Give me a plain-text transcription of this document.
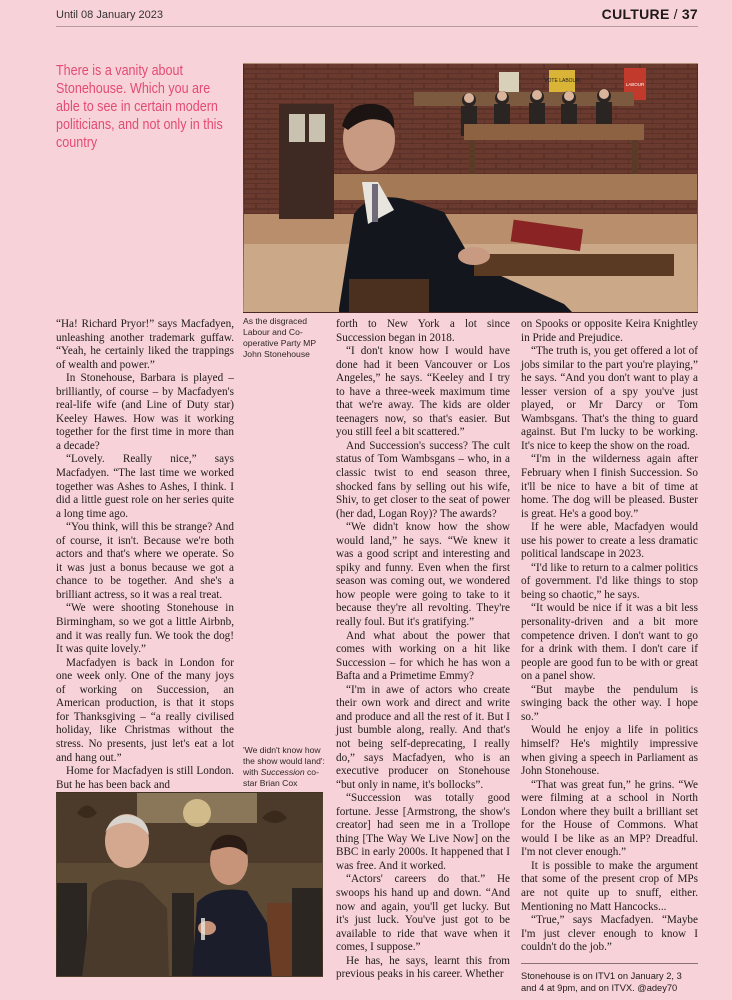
Until 08 January 2023	CULTURE / 37
There is a vanity about Stonehouse. Which you are able to see in certain modern politicians, and not only in this country
VOTE LABOUR
LABOUR
As the disgraced Labour and Co-operative Party MP John Stonehouse
'We didn't know how the show would land': with Succession co-star Brian Cox

“Ha! Richard Pryor!” says Macfadyen, unleashing another trademark guffaw. “Yeah, he certainly liked the trappings of wealth and power.”

In Stonehouse, Barbara is played – brilliantly, of course – by Macfadyen's real-life wife (and Line of Duty star) Keeley Hawes. How was it working together for the first time in more than a decade?

“Lovely. Really nice,” says Macfadyen. “The last time we worked together was Ashes to Ashes, I think. I did a little guest role on her series quite a long time ago.

“You think, will this be strange? And of course, it isn't. Because we're both actors and that's where we operate. So it was just a bonus because we got a chance to be together. And she's a brilliant actress, so it was a real treat.

“We were shooting Stonehouse in Birmingham, so we got a little Airbnb, and it was really fun. We took the dog! It was quite lovely.”

Macfadyen is back in London for one week only. One of the many joys of working on Succession, an American production, is that it stops for Thanksgiving – “a really civilised holiday, like Christmas without the stress. No presents, just let's eat a lot and hang out.”

Home for Macfadyen is still London. But he has been back and

forth to New York a lot since Succession began in 2018.

“I don't know how I would have done had it been Vancouver or Los Angeles,” he says. “Keeley and I try to have a three-week maximum time that we're away. The kids are older teenagers now, so that's easier. But you still feel a bit scattered.”

And Succession's success? The cult status of Tom Wambsgans – who, in a classic twist to end season three, shocked fans by selling out his wife, Shiv, to get closer to the seat of power (her dad, Logan Roy)? The awards?

“We didn't know how the show would land,” he says. “We knew it was a good script and interesting and spiky and funny. Even when the first season was coming out, we wondered how people were going to take to it because they're all revolting. They're really foul. But it's gratifying.”

And what about the power that comes with working on a hit like Succession – for which he has won a Bafta and a Primetime Emmy?

“I'm in awe of actors who create their own work and direct and write and produce and all the rest of it. But I just bumble along, really. And that's not being self-deprecating, I really do,” says Macfadyen, who is an executive producer on Stonehouse “but only in name, it's bollocks”.

“Succession was totally good fortune. Jesse [Armstrong, the show's creator] had seen me in a Trollope thing [The Way We Live Now] on the BBC in early 2000s. It happened that I was free. And it worked.

“Actors' careers do that.” He swoops his hand up and down. “And now and again, you'll get lucky. But it's just luck. You've just got to be available to ride that wave when it comes, I suppose.”

He has, he says, learnt this from previous peaks in his career. Whether

on Spooks or opposite Keira Knightley in Pride and Prejudice.

“The truth is, you get offered a lot of jobs similar to the part you're playing,” he says. “And you don't want to play a lesser version of a spy you've just played, or Mr Darcy or Tom Wambsgans. That's the thing to guard against. But I'm lucky to be working. It's nice to keep the show on the road.

“I'm in the wilderness again after February when I finish Succession. So it'll be nice to have a bit of time at home. The dog will be pleased. Buster is great. He's a good boy.”

If he were able, Macfadyen would use his power to create a less dramatic political landscape in 2023.

“I'd like to return to a calmer politics of government. I'd like things to stop being so chaotic,” he says.

“It would be nice if it was a bit less personality-driven and a bit more competence driven. I don't want to go for a drink with them. I don't care if people are good fun to be with or great on a panel show.

“But maybe the pendulum is swinging back the other way. I hope so.”

Would he enjoy a life in politics himself? He's mightily impressive when giving a speech in Parliament as John Stonehouse.

“That was great fun,” he grins. “We were filming at a school in North London where they built a brilliant set for the House of Commons. What would I be like as an MP? Dreadful. I'm not clever enough.”

It is possible to make the argument that some of the present crop of MPs are not quite up to snuff, either. Mentioning no Matt Hancocks...

“True,” says Macfadyen. “Maybe I'm just clever enough to know I couldn't do the job.”

Stonehouse is on ITV1 on January 2, 3 and 4 at 9pm, and on ITVX. @adey70
